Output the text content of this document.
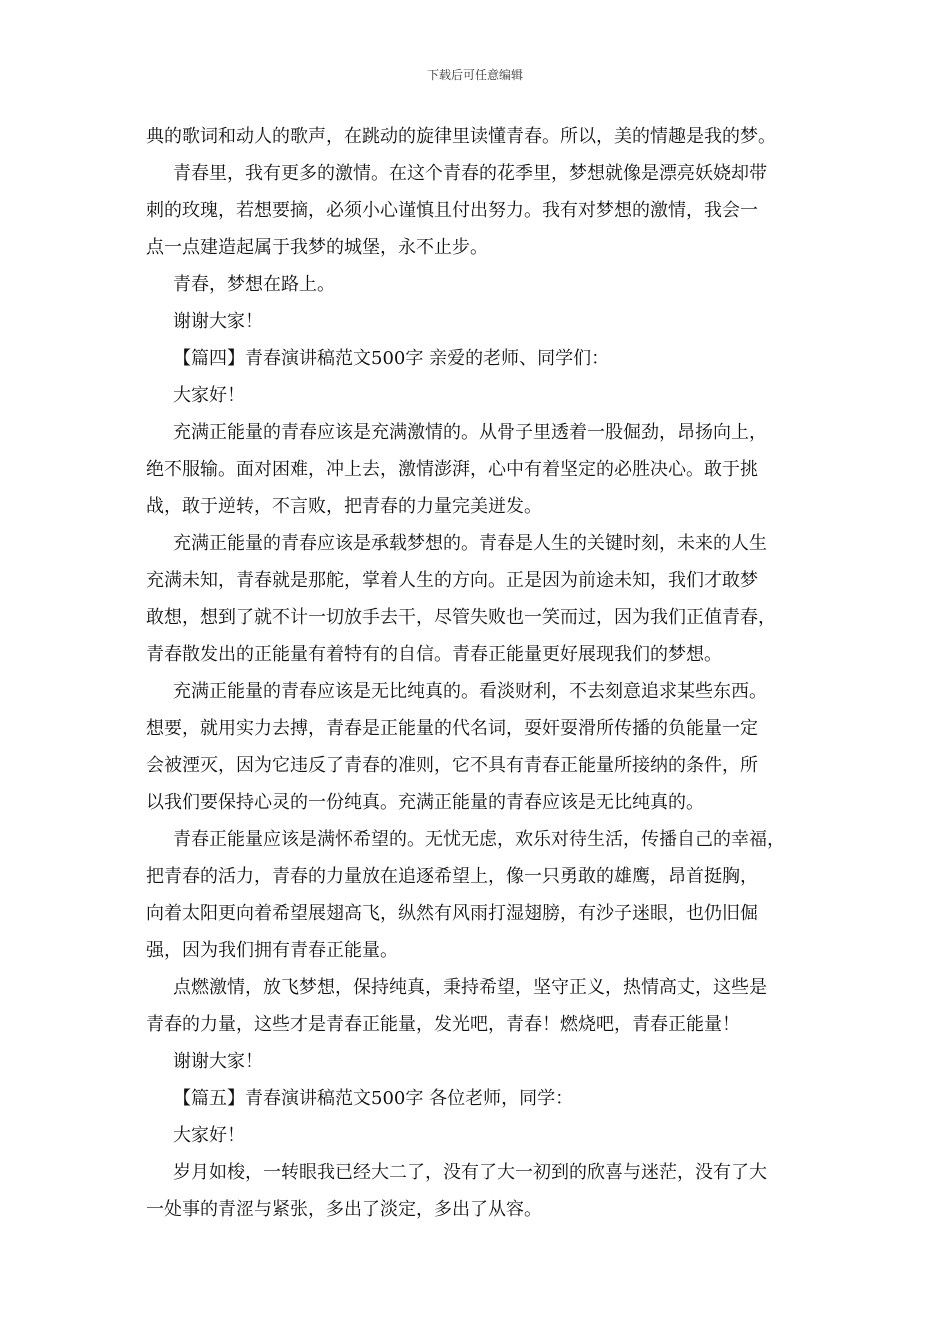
下载后可任意编辑

典的歌词和动人的歌声，在跳动的旋律里读懂青春。所以，美的情趣是我的梦。

青春里，我有更多的激情。在这个青春的花季里，梦想就像是漂亮妖娆却带

刺的玫瑰，若想要摘，必须小心谨慎且付出努力。我有对梦想的激情，我会一

点一点建造起属于我梦的城堡，永不止步。

青春，梦想在路上。

谢谢大家！

【篇四】青春演讲稿范文500字 亲爱的老师、同学们：

大家好！

充满正能量的青春应该是充满激情的。从骨子里透着一股倔劲，昂扬向上，

绝不服输。面对困难，冲上去，激情澎湃，心中有着坚定的必胜决心。敢于挑

战，敢于逆转，不言败，把青春的力量完美迸发。

充满正能量的青春应该是承载梦想的。青春是人生的关键时刻，未来的人生

充满未知，青春就是那舵，掌着人生的方向。正是因为前途未知，我们才敢梦

敢想，想到了就不计一切放手去干，尽管失败也一笑而过，因为我们正值青春，

青春散发出的正能量有着特有的自信。青春正能量更好展现我们的梦想。

充满正能量的青春应该是无比纯真的。看淡财利，不去刻意追求某些东西。

想要，就用实力去搏，青春是正能量的代名词，耍奸耍滑所传播的负能量一定

会被湮灭，因为它违反了青春的准则，它不具有青春正能量所接纳的条件，所

以我们要保持心灵的一份纯真。充满正能量的青春应该是无比纯真的。

青春正能量应该是满怀希望的。无忧无虑，欢乐对待生活，传播自己的幸福，

把青春的活力，青春的力量放在追逐希望上，像一只勇敢的雄鹰，昂首挺胸，

向着太阳更向着希望展翅高飞，纵然有风雨打湿翅膀，有沙子迷眼，也仍旧倔

强，因为我们拥有青春正能量。

点燃激情，放飞梦想，保持纯真，秉持希望，坚守正义，热情高丈，这些是

青春的力量，这些才是青春正能量，发光吧，青春！燃烧吧，青春正能量！

谢谢大家！

【篇五】青春演讲稿范文500字 各位老师，同学：

大家好！

岁月如梭，一转眼我已经大二了，没有了大一初到的欣喜与迷茫，没有了大

一处事的青涩与紧张，多出了淡定，多出了从容。
